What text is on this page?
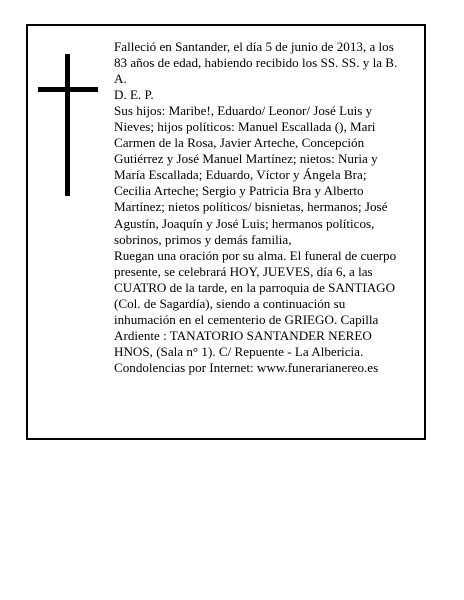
Falleció en Santander, el día 5 de junio de 2013, a los 83 años de edad, habiendo recibido los SS. SS. y la B. A.

D. E. P.

Sus hijos: Maribe!, Eduardo/ Leonor/ José Luis y Nieves; hijos políticos: Manuel Escallada (), Mari Carmen de la Rosa, Javier Arteche, Concepción Gutiérrez y José Manuel Martínez; nietos: Nuria y María Escallada; Eduardo, Víctor y Ángela Bra; Cecilia Arteche; Sergio y Patricia Bra y Alberto Martínez; nietos políticos/ bisnietas, hermanos; José Agustín, Joaquín y José Luis; hermanos políticos, sobrinos, primos y demás familia,

Ruegan una oración por su alma. El funeral de cuerpo presente, se celebrará HOY, JUEVES, día 6, a las CUATRO de la tarde, en la parroquia de SANTIAGO (Col. de Sagardía), siendo a continuación su inhumación en el cementerio de GRIEGO. Capilla Ardiente : TANATORIO SANTANDER NEREO HNOS, (Sala n° 1). C/ Repuente - La Albericia. Condolencias por Internet: www.funerarianereo.es
